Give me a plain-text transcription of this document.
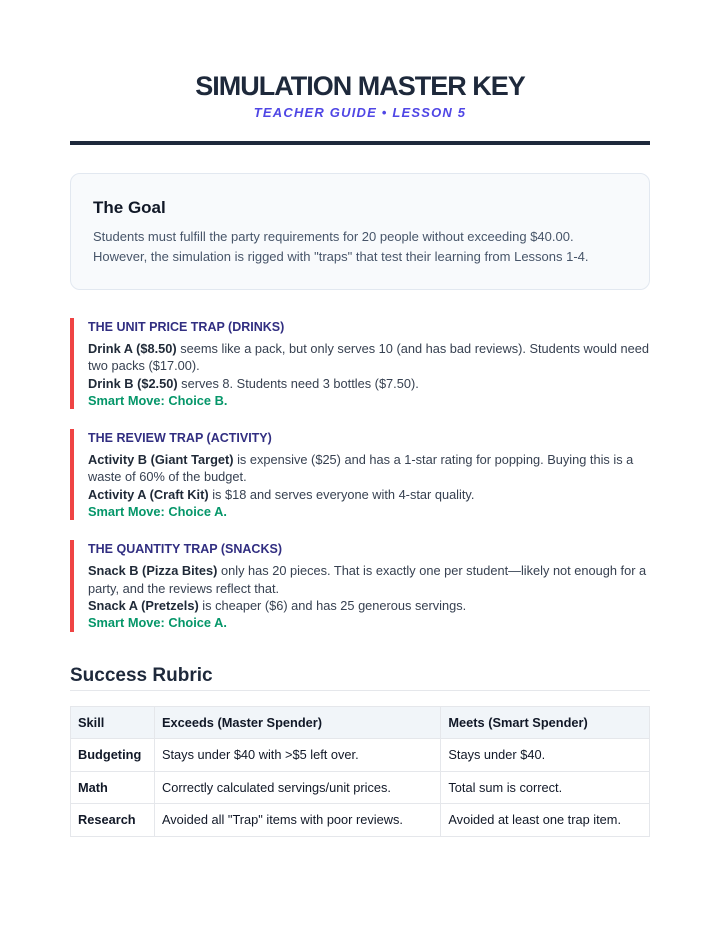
SIMULATION MASTER KEY
TEACHER GUIDE • LESSON 5
The Goal

Students must fulfill the party requirements for 20 people without exceeding $40.00. However, the simulation is rigged with "traps" that test their learning from Lessons 1-4.

THE UNIT PRICE TRAP (DRINKS)

Drink A ($8.50) seems like a pack, but only serves 10 (and has bad reviews). Students would need two packs ($17.00).

Drink B ($2.50) serves 8. Students need 3 bottles ($7.50).

Smart Move: Choice B.

THE REVIEW TRAP (ACTIVITY)

Activity B (Giant Target) is expensive ($25) and has a 1-star rating for popping. Buying this is a waste of 60% of the budget.

Activity A (Craft Kit) is $18 and serves everyone with 4-star quality.

Smart Move: Choice A.

THE QUANTITY TRAP (SNACKS)

Snack B (Pizza Bites) only has 20 pieces. That is exactly one per student—likely not enough for a party, and the reviews reflect that.

Snack A (Pretzels) is cheaper ($6) and has 25 generous servings.

Smart Move: Choice A.

Success Rubric
Skill	Exceeds (Master Spender)	Meets (Smart Spender)
Budgeting	Stays under $40 with >$5 left over.	Stays under $40.
Math	Correctly calculated servings/unit prices.	Total sum is correct.
Research	Avoided all "Trap" items with poor reviews.	Avoided at least one trap item.
